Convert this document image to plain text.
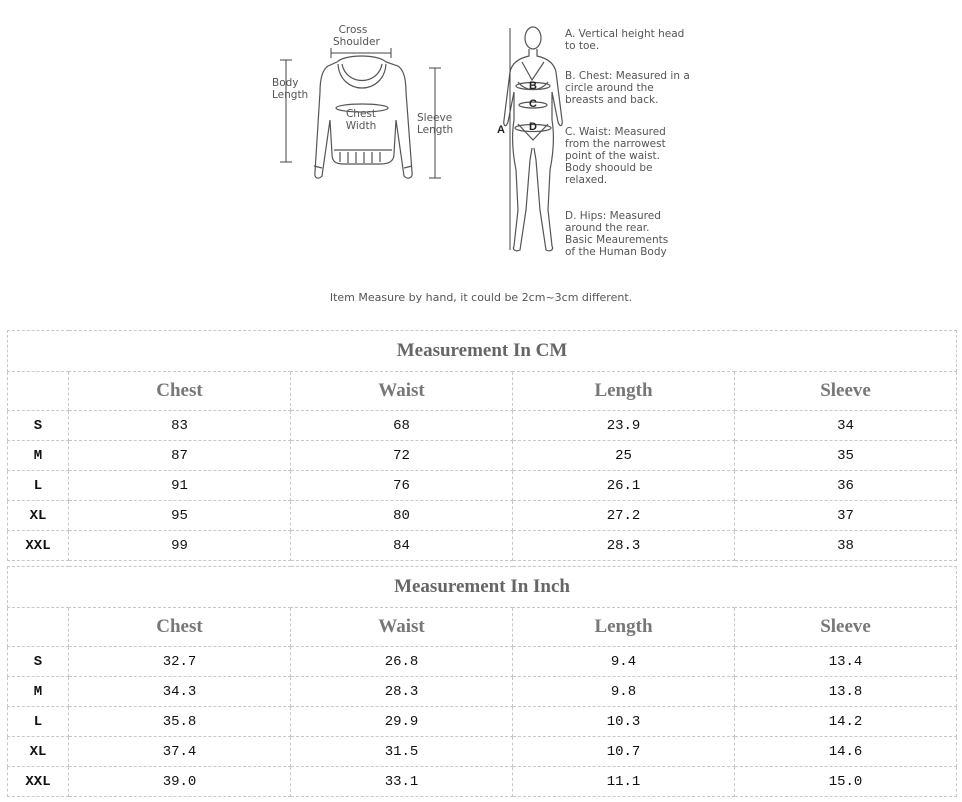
Cross
Shoulder
Body
Length
Chest
Width
Sleeve
Length	A
B
C
D
A. Vertical height head
to toe.
B. Chest: Measured in a
circle around the
breasts and back.
C. Waist: Measured
from the narrowest
point of the waist.
Body shoould be
relaxed.
D. Hips: Measured
around the rear.
Basic Meaurements
of the Human Body
Item Measure by hand, it could be 2cm~3cm different.
Measurement In CM				
	Chest	Waist	Length	Sleeve
S	83	68	23.9	34
M	87	72	25	35
L	91	76	26.1	36
XL	95	80	27.2	37
XXL	99	84	28.3	38
Measurement In Inch				
	Chest	Waist	Length	Sleeve
S	32.7	26.8	9.4	13.4
M	34.3	28.3	9.8	13.8
L	35.8	29.9	10.3	14.2
XL	37.4	31.5	10.7	14.6
XXL	39.0	33.1	11.1	15.0
